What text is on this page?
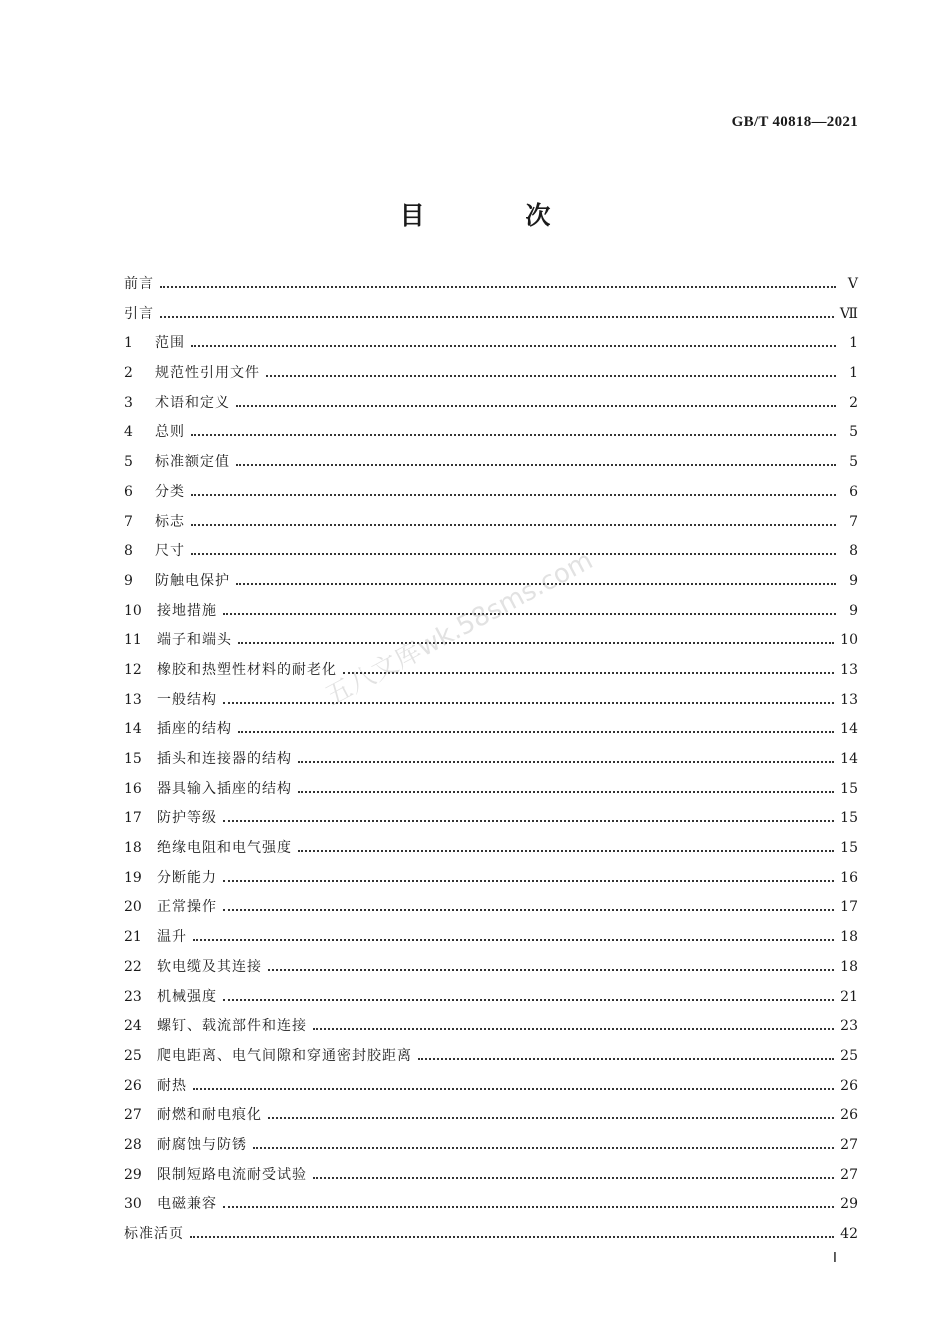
GB/T 40818—2021
目 次
前言	Ⅴ
引言	Ⅶ
1	范围	1
2	规范性引用文件	1
3	术语和定义	2
4	总则	5
5	标准额定值	5
6	分类	6
7	标志	7
8	尺寸	8
9	防触电保护	9
10	接地措施	9
11	端子和端头	10
12	橡胶和热塑性材料的耐老化	13
13	一般结构	13
14	插座的结构	14
15	插头和连接器的结构	14
16	器具输入插座的结构	15
17	防护等级	15
18	绝缘电阻和电气强度	15
19	分断能力	16
20	正常操作	17
21	温升	18
22	软电缆及其连接	18
23	机械强度	21
24	螺钉、载流部件和连接	23
25	爬电距离、电气间隙和穿通密封胶距离	25
26	耐热	26
27	耐燃和耐电痕化	26
28	耐腐蚀与防锈	27
29	限制短路电流耐受试验	27
30	电磁兼容	29
标准活页	42
五八文库wk.58sms.com
Ⅰ
